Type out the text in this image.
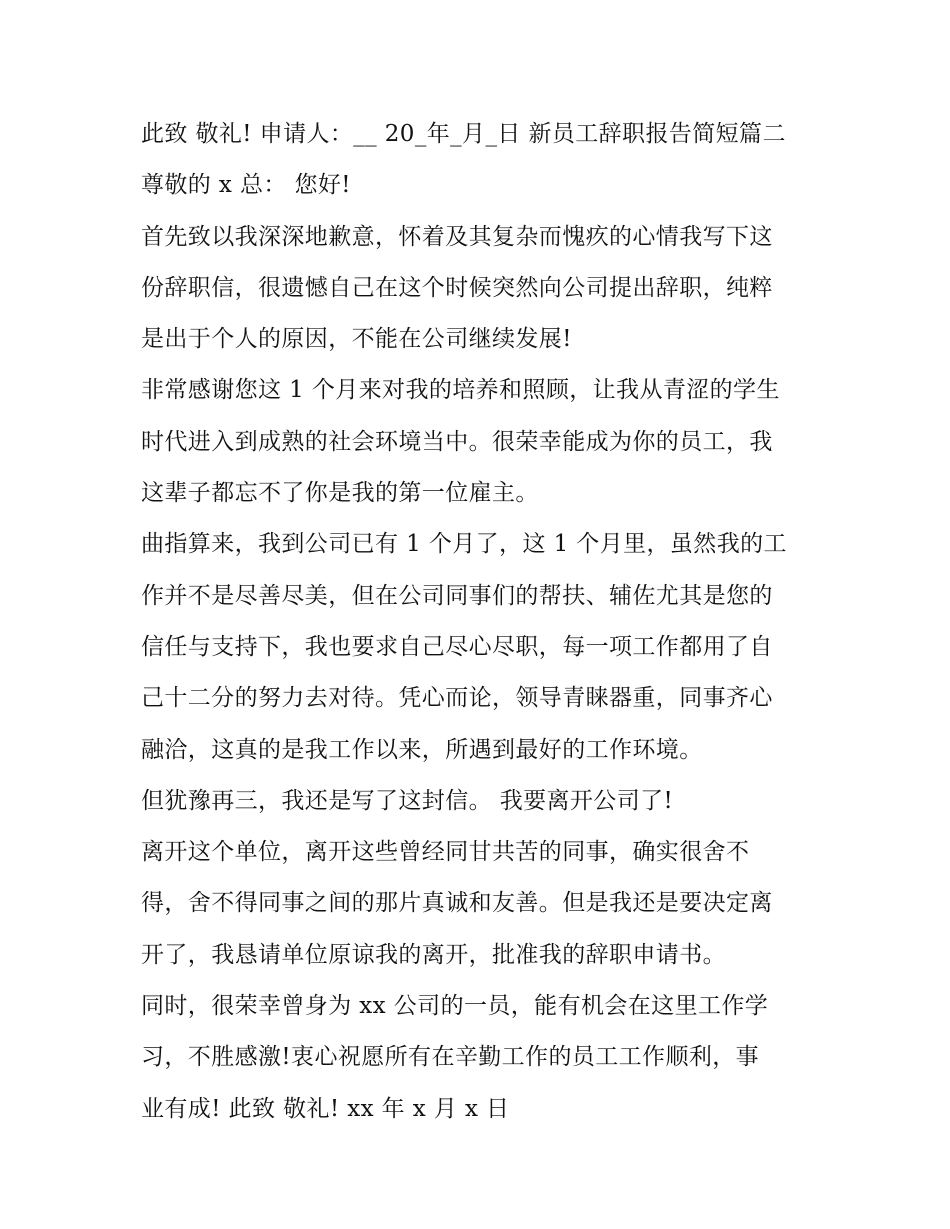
此致 敬礼! 申请人：__ 20_年_月_日 新员工辞职报告简短篇二
尊敬的 x 总： 您好!
首先致以我深深地歉意，怀着及其复杂而愧疚的心情我写下这
份辞职信，很遗憾自己在这个时候突然向公司提出辞职，纯粹
是出于个人的原因，不能在公司继续发展!
非常感谢您这 1 个月来对我的培养和照顾，让我从青涩的学生
时代进入到成熟的社会环境当中。很荣幸能成为你的员工，我
这辈子都忘不了你是我的第一位雇主。
曲指算来，我到公司已有 1 个月了，这 1 个月里，虽然我的工
作并不是尽善尽美，但在公司同事们的帮扶、辅佐尤其是您的
信任与支持下，我也要求自己尽心尽职，每一项工作都用了自
己十二分的努力去对待。凭心而论，领导青睐器重，同事齐心
融洽，这真的是我工作以来，所遇到最好的工作环境。
但犹豫再三，我还是写了这封信。 我要离开公司了!
离开这个单位，离开这些曾经同甘共苦的同事，确实很舍不
得，舍不得同事之间的那片真诚和友善。但是我还是要决定离
开了，我恳请单位原谅我的离开，批准我的辞职申请书。
同时，很荣幸曾身为 xx 公司的一员，能有机会在这里工作学
习，不胜感激!衷心祝愿所有在辛勤工作的员工工作顺利，事
业有成! 此致 敬礼! xx 年 x 月 x 日
